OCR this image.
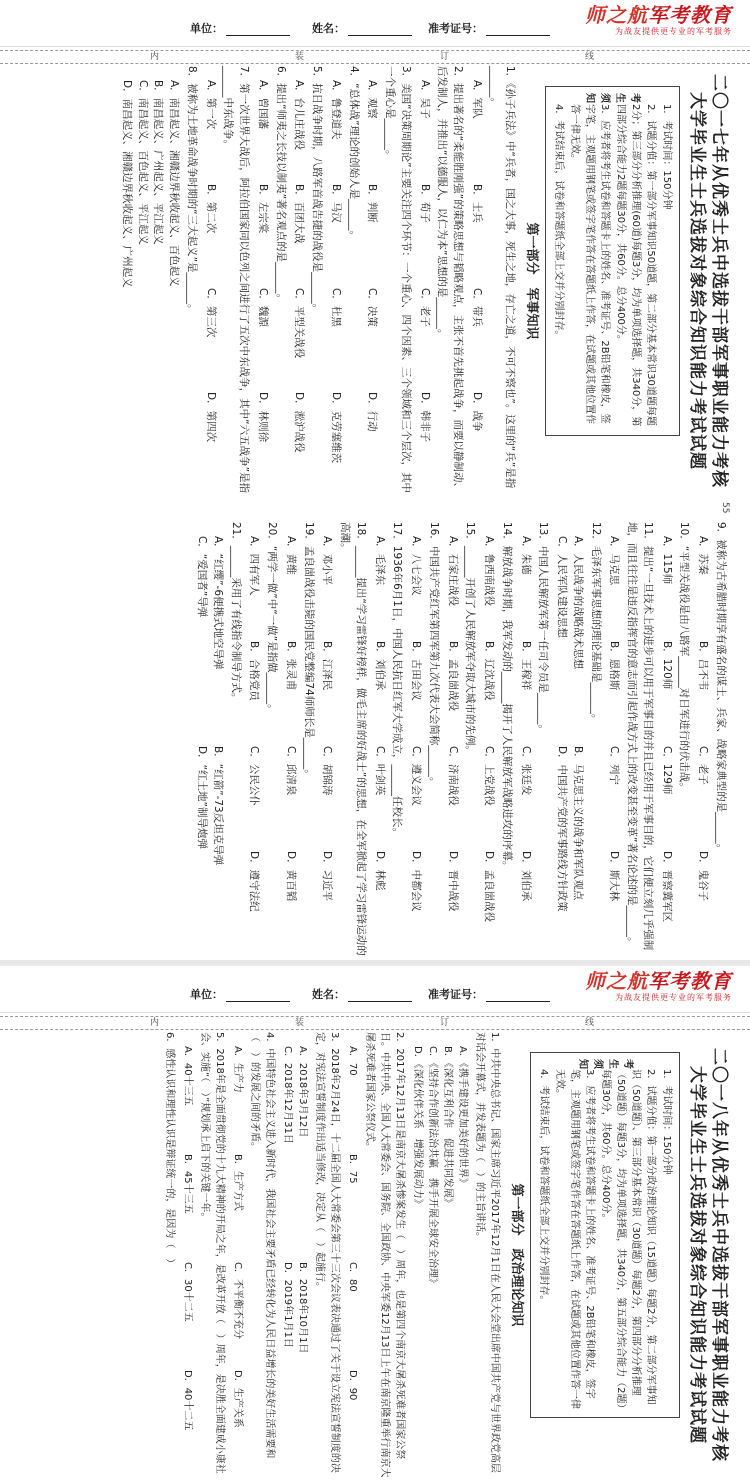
单位：	姓名：	准考证号：
师之航军考教育
为战友提供更专业的军考服务
内	装	订	线
二〇一七年从优秀士兵中选拔干部军事职业能力考核
大学毕业生士兵选拔对象综合知识能力考试试题
考生须知
1．考试时间：150分钟
2．试题分值：第一部分军事知识50道题，第二部分基本常识30道题每题2分；第三部分分析推理(60道)每题3分，均为单项选择题，共340分，第四部分综合能力2题每题30分，共60分。总分400分。
3．应考者将考生试卷和答题卡上的姓名、准考证号、2B铅笔和橡皮，签字笔，主观题用钢笔或签字笔作答在答题纸上作答，在试题或其他位置作答一律无效。
4．考试结束后，试卷和答题纸全部上交并分别封存。
第一部分　军事知识
1．《孙子兵法》中“兵者，国之大事，死生之地，存亡之道，不可不察也”。这里的“兵”是指______。
A．军队
B．士兵
C．带兵
D．战争
2．提出著名的“柔能胜刚强”的策略思想与韬略观点，主张不首先挑起战争，而要以静制动、后发制人，并推出“以德服人，以仁为本”思想的是______。
A．吴子
B．荀子
C．老子
D．韩非子
3．美国“决策周期论”主要关注四个环节：一个重心、四个因素、三个领域和三个层次，其中一个重心是______。
A．观察
B．判断
C．决策
D．行动
4．“总体战”理论的创始人是______。
A．鲁登道夫
B．马汉
C．杜黑
D．克劳塞维茨
5．抗日战争时期，八路军首战告捷的战役是______。
A．台儿庄战役
B．百团大战
C．平型关战役
D．淞沪战役
6．提出“师夷之长技以制夷”著名观点的是______。
A．曾国藩
B．左宗棠
C．魏源
D．林则徐
7．第一次世界大战后，阿拉伯国家同以色列之间进行了五次中东战争，其中“六五战争”是指______中东战争。
A．第一次
B．第二次
C．第三次
D．第四次
8．被称为土地革命战争时期的“三大起义”是______。
A．南昌起义、湘赣边界秋收起义、百色起义
B．南昌起义、广州起义、平江起义
C．南昌起义、百色起义、平江起义
D．南昌起义、湘赣边界秋收起义、广州起义
55
9．被称为古希腊时期享有盛名的谋士、兵家、战略家典型的是______。
A．苏秦
B．吕不韦
C．老子
D．鬼谷子
10．“平型关战役是由八路军______对日军进行的伏击战。
A．115师
B．120师
C．129师
D．晋察冀军区
11．提出“一旦技术上的进步可以用于军事目的并且已经用于军事目的，它们便立刻几乎强制地，而且往往是违反指挥官的意志而引起作战方式上的改变甚至变革”著名论述的是______。
A．马克思
B．恩格斯
C．列宁
D．斯大林
12．毛泽东军事思想的理论基础是______。
A．人民战争的战略战术思想
B．马克思主义的战争和军队观点
C．人民军队建设思想
D．中国共产党的军事路线方针政策
13．中国人民解放军第一任司令员是______。
A．朱德
B．王稼祥
C．张廷发
D．刘伯承
14．解放战争时期，我军发动的______揭开了人民解放军战略进攻的序幕。
A．鲁西南战役
B．辽沈战役
C．上党战役
D．孟良崮战役
15．______开创了人民解放军夺取大城市的先例。
A．石家庄战役
B．孟良崮战役
C．济南战役
D．晋中战役
16．中国共产党红军第四军第九次代表大会简称______。
A．八七会议
B．古田会议
C．遵义会议
D．中都会议
17．1936年6月1日，中国人民抗日红军大学成立，______任校长。
A．毛泽东
B．刘伯承
C．叶剑英
D．林彪
18．______提出“学习雷锋好榜样，做毛主席的好战士”的思想，在全军掀起了学习雷锋运动的高潮。
A．邓小平
B．江泽民
C．胡锦涛
D．习近平
19．孟良崮战役击毙的国民党整编74师师长是______。
A．黄维
B．张灵甫
C．邱清泉
D．黄百韬
20．“两学一做”中“一做”是指做______。
A．四有军人
B．合格党员
C．公民公仆
D．遵守法纪
21．______采用了有线指令制导方式。
A．“红缨”-6便携式地空导弹
B．“红箭”-73反坦克导弹
C．“爱国者”导弹
D．“红土地”制导炮弹
单位：	姓名：	准考证号：
师之航军考教育
为战友提供更专业的军考服务
内	装	订	线
二〇一八年从优秀士兵中选拔干部军事职业能力考核
大学毕业生士兵选拔对象综合知识能力考试试题
考生须知
1．考试时间：150分钟
2．试题分值：第一部分政治理论知识（15道题）每题2分，第二部分军事知识（50道题）、第三部分基本常识（30道题）每题2分，第四部分分析推理（50道题）每题3分，均为单项选择题，共340分，第五部分综合能力（2题）每题30分，共60分。总分400分。
3．应考者将考生试卷和答题卡上的姓名、准考证号、2B铅笔和橡皮，签字笔，主观题用钢笔或签字笔作答在答题纸上作答，在试题或其他位置作答一律无效。
4．考试结束后，试卷和答题纸全部上交并分别封存。
第一部分　政治理论知识
1．中共中央总书记、国家主席习近平2017年12月1日在人民大会堂出席中国共产党与世界政党高层对话会开幕式，并发表题为（　）的主旨讲话。
A．《携手建设更加美好的世界》
B．《深化互利合作　促进共同发展》
C．《坚持合作创新法治共赢　携手开展全球安全治理》
D．《深化伙伴关系　增强发展动力》
2．2017年12月13日是南京大屠杀惨案发生（　）周年，也是第四个南京大屠杀死难者国家公祭日。中共中央、全国人大常委会、国务院、全国政协、中央军委12月13日上午在南京隆重举行南京大屠杀死难者国家公祭仪式。
A．70
B．75
C．80
D．90
3．2018年2月24日，十二届全国人大常委会第三十三次会议表决通过了关于设立宪法宣誓制度的决定，对宪法宣誓制度作出适当修改，决定从（　）起施行。
A．2018年3月12日
B．2018年10月1日
C．2018年12月31日
D．2019年1月1日
4．中国特色社会主义进入新时代，我国社会主要矛盾已经转化为人民日益增长的美好生活需要和（　）的发展之间的矛盾。
A．生产力
B．生产方式
C．不平衡不充分
D．生产关系
5．2018年是全面贯彻党的十九大精神的开局之年，是改革开放（　）周年，是决胜全面建成小康社会、实施“（　）”规划承上启下的关键一年。
A．40十三五
B．45十三五
C．30十二五
D．40十二五
6．感性认识和理性认识是辩证统一的，是因为（　）
